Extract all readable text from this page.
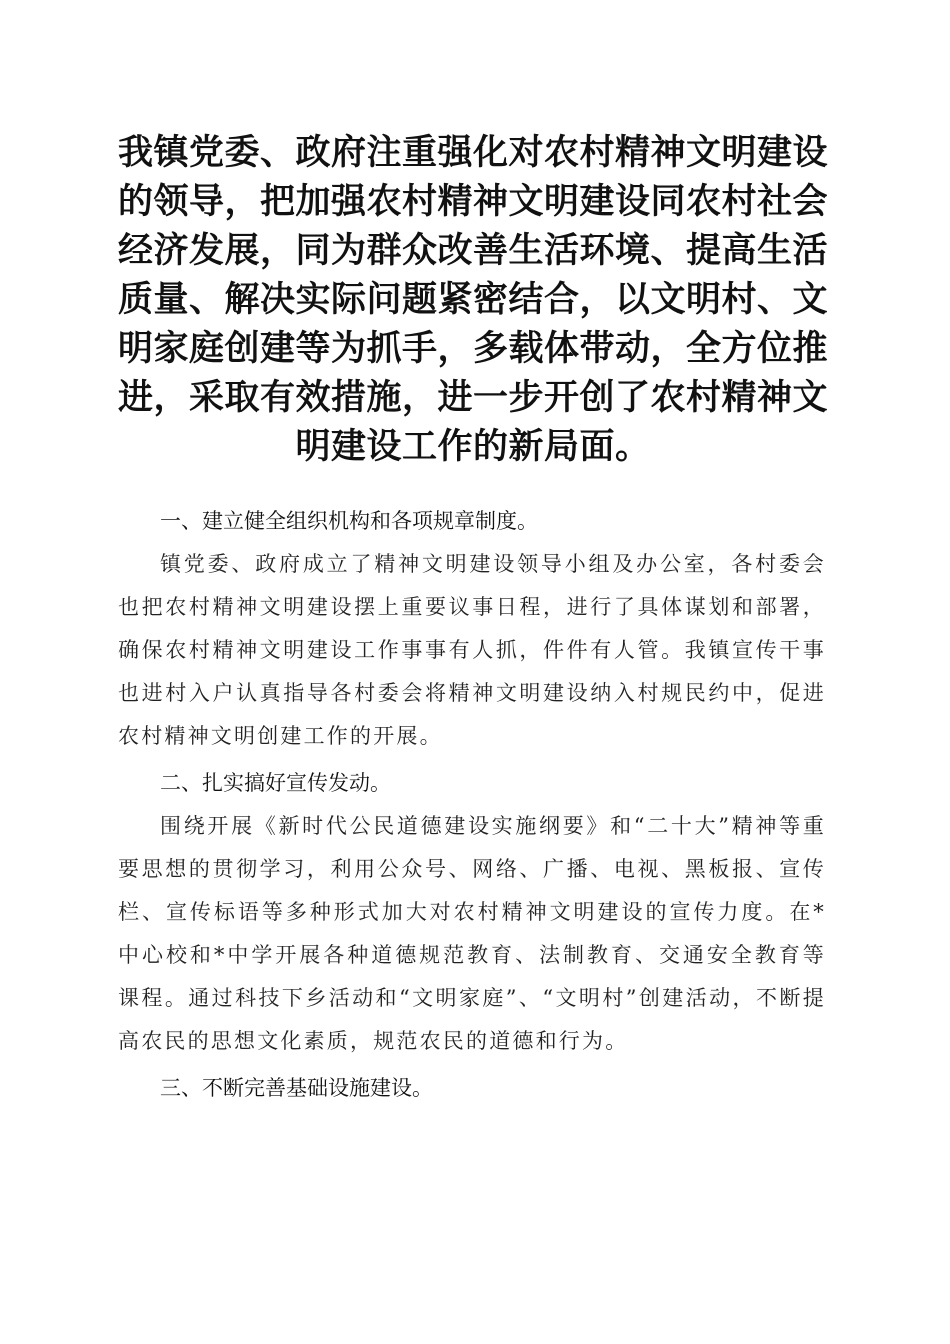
我镇党委、政府注重强化对农村精神文明建设的领导，把加强农村精神文明建设同农村社会经济发展，同为群众改善生活环境、提高生活质量、解决实际问题紧密结合，以文明村、文明家庭创建等为抓手，多载体带动，全方位推进，采取有效措施，进一步开创了农村精神文明建设工作的新局面。

一、建立健全组织机构和各项规章制度。

镇党委、政府成立了精神文明建设领导小组及办公室，各村委会也把农村精神文明建设摆上重要议事日程，进行了具体谋划和部署，确保农村精神文明建设工作事事有人抓，件件有人管。我镇宣传干事也进村入户认真指导各村委会将精神文明建设纳入村规民约中，促进农村精神文明创建工作的开展。

二、扎实搞好宣传发动。

围绕开展《新时代公民道德建设实施纲要》和“二十大”精神等重要思想的贯彻学习，利用公众号、网络、广播、电视、黑板报、宣传栏、宣传标语等多种形式加大对农村精神文明建设的宣传力度。在*中心校和*中学开展各种道德规范教育、法制教育、交通安全教育等课程。通过科技下乡活动和“文明家庭”、“文明村”创建活动，不断提高农民的思想文化素质，规范农民的道德和行为。

三、不断完善基础设施建设。
